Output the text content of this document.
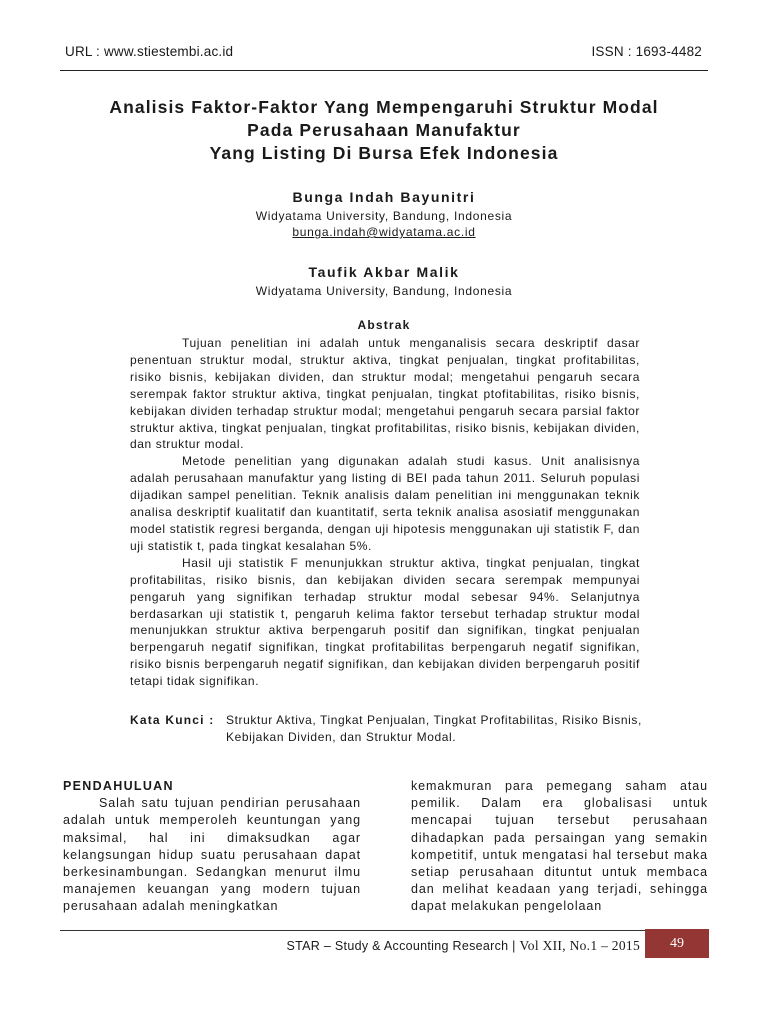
URL : www.stiestembi.ac.id	ISSN : 1693-4482
Analisis Faktor-Faktor Yang Mempengaruhi Struktur Modal
Pada Perusahaan Manufaktur
Yang Listing Di Bursa Efek Indonesia
Bunga Indah Bayunitri
Widyatama University, Bandung, Indonesia
bunga.indah@widyatama.ac.id
Taufik Akbar Malik
Widyatama University, Bandung, Indonesia
Abstrak

Tujuan penelitian ini adalah untuk menganalisis secara deskriptif dasar penentuan struktur modal, struktur aktiva, tingkat penjualan, tingkat profitabilitas, risiko bisnis, kebijakan dividen, dan struktur modal; mengetahui pengaruh secara serempak faktor struktur aktiva, tingkat penjualan, tingkat ptofitabilitas, risiko bisnis, kebijakan dividen terhadap struktur modal; mengetahui pengaruh secara parsial faktor struktur aktiva, tingkat penjualan, tingkat profitabilitas, risiko bisnis, kebijakan dividen, dan struktur modal.

Metode penelitian yang digunakan adalah studi kasus. Unit analisisnya adalah perusahaan manufaktur yang listing di BEI pada tahun 2011. Seluruh populasi dijadikan sampel penelitian. Teknik analisis dalam penelitian ini menggunakan teknik analisa deskriptif kualitatif dan kuantitatif, serta teknik analisa asosiatif menggunakan model statistik regresi berganda, dengan uji hipotesis menggunakan uji statistik F, dan uji statistik t, pada tingkat kesalahan 5%.

Hasil uji statistik F menunjukkan struktur aktiva, tingkat penjualan, tingkat profitabilitas, risiko bisnis, dan kebijakan dividen secara serempak mempunyai pengaruh yang signifikan terhadap struktur modal sebesar 94%. Selanjutnya berdasarkan uji statistik t, pengaruh kelima faktor tersebut terhadap struktur modal menunjukkan struktur aktiva berpengaruh positif dan signifikan, tingkat penjualan berpengaruh negatif signifikan, tingkat profitabilitas berpengaruh negatif signifikan, risiko bisnis berpengaruh negatif signifikan, dan kebijakan dividen berpengaruh positif tetapi tidak signifikan.

Kata Kunci : Struktur Aktiva, Tingkat Penjualan, Tingkat Profitabilitas, Risiko Bisnis, Kebijakan Dividen, dan Struktur Modal.
PENDAHULUAN

Salah satu tujuan pendirian perusahaan adalah untuk memperoleh keuntungan yang maksimal, hal ini dimaksudkan agar kelangsungan hidup suatu perusahaan dapat berkesinambungan. Sedangkan menurut ilmu manajemen keuangan yang modern tujuan perusahaan adalah meningkatkan

kemakmuran para pemegang saham atau pemilik. Dalam era globalisasi untuk mencapai tujuan tersebut perusahaan dihadapkan pada persaingan yang semakin kompetitif, untuk mengatasi hal tersebut maka setiap perusahaan dituntut untuk membaca dan melihat keadaan yang terjadi, sehingga dapat melakukan pengelolaan

STAR – Study & Accounting Research | Vol XII, No.1 – 2015	49
